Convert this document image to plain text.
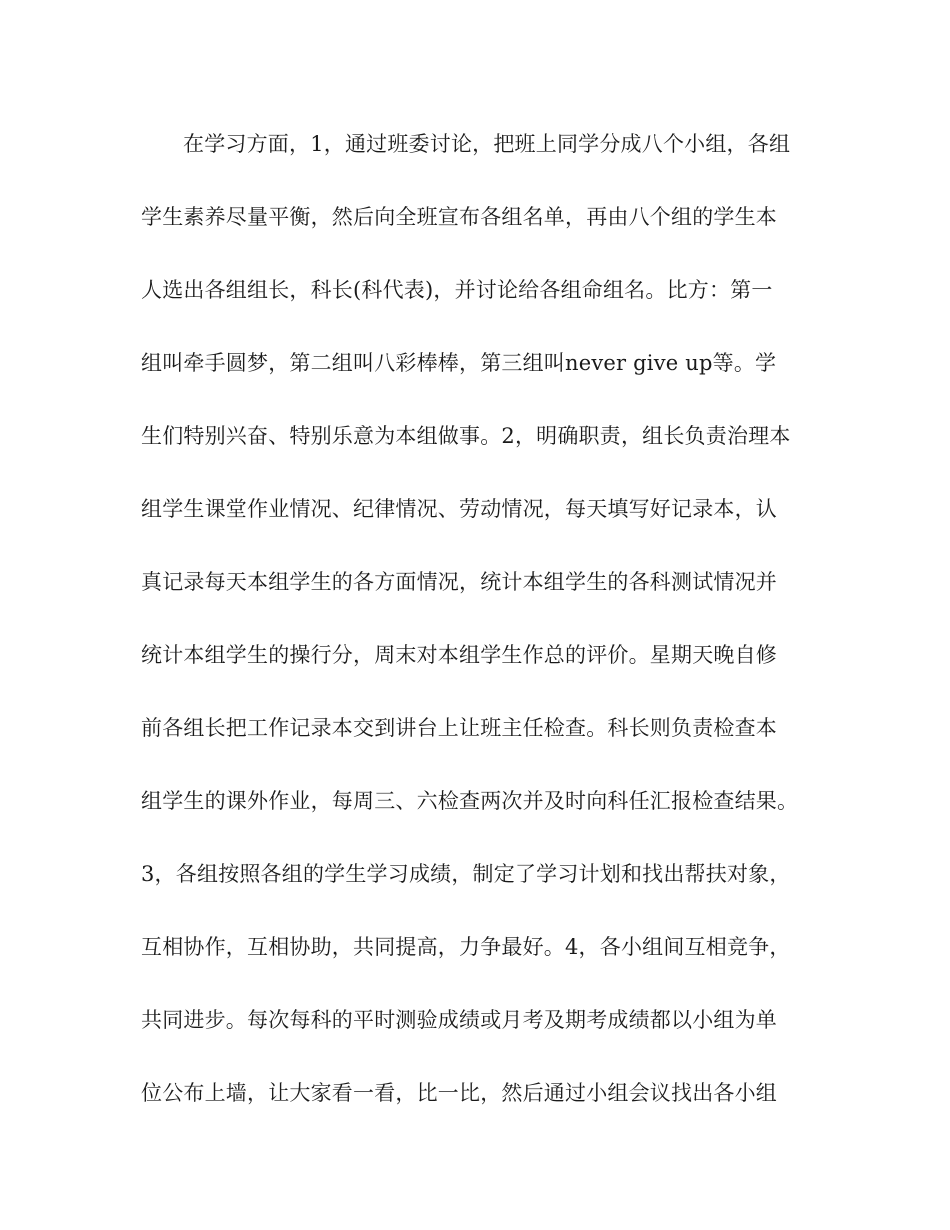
在学习方面，1，通过班委讨论，把班上同学分成八个小组，各组
学生素养尽量平衡，然后向全班宣布各组名单，再由八个组的学生本
人选出各组组长，科长(科代表)，并讨论给各组命组名。比方：第一
组叫牵手圆梦，第二组叫八彩棒棒，第三组叫never give up等。学
生们特别兴奋、特别乐意为本组做事。2，明确职责，组长负责治理本
组学生课堂作业情况、纪律情况、劳动情况，每天填写好记录本，认
真记录每天本组学生的各方面情况，统计本组学生的各科测试情况并
统计本组学生的操行分，周末对本组学生作总的评价。星期天晚自修
前各组长把工作记录本交到讲台上让班主任检查。科长则负责检查本
组学生的课外作业，每周三、六检查两次并及时向科任汇报检查结果。
3，各组按照各组的学生学习成绩，制定了学习计划和找出帮扶对象，
互相协作，互相协助，共同提高，力争最好。4，各小组间互相竞争，
共同进步。每次每科的平时测验成绩或月考及期考成绩都以小组为单
位公布上墙，让大家看一看，比一比，然后通过小组会议找出各小组
